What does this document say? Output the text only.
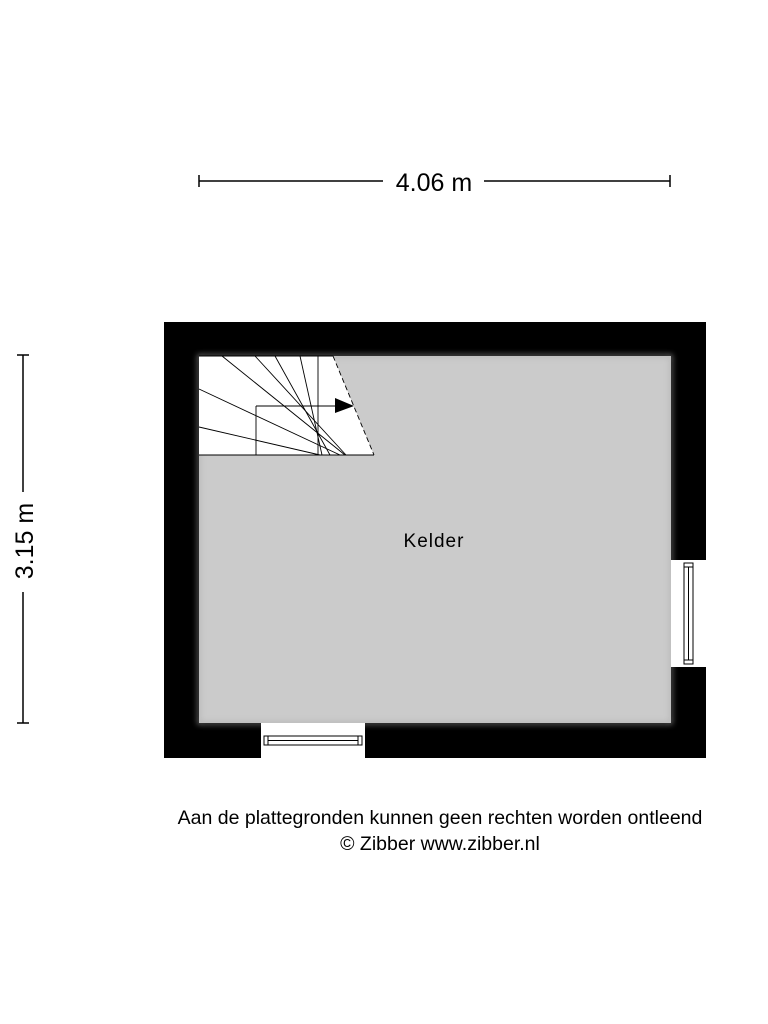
4.06 m
3.15 m	Kelder
Aan de plattegronden kunnen geen rechten worden ontleend
© Zibber www.zibber.nl
